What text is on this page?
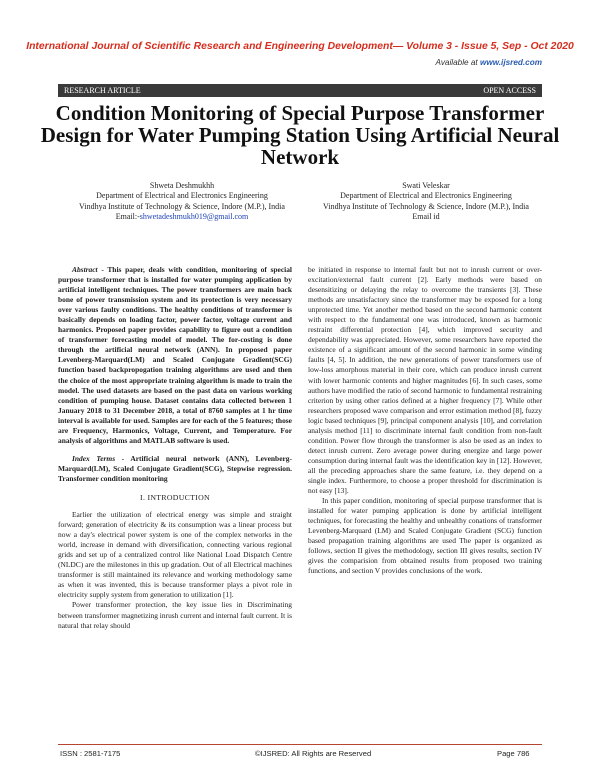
International Journal of Scientific Research and Engineering Development— Volume 3 - Issue 5, Sep - Oct 2020
Available at www.ijsred.com
RESEARCH ARTICLE	OPEN ACCESS
Condition Monitoring of Special Purpose Transformer Design for Water Pumping Station Using Artificial Neural Network
Shweta Deshmukhh
Department of Electrical and Electronics Engineering
Vindhya Institute of Technology & Science, Indore (M.P.), India
Email:-shwetadeshmukh019@gmail.com
Swati Veleskar
Department of Electrical and Electronics Engineering
Vindhya Institute of Technology & Science, Indore (M.P.), India
Email id

Abstract - This paper, deals with condition, monitoring of special purpose transformer that is installed for water pumping application by artificial intelligent techniques. The power transformers are main back bone of power transmission system and its protection is very necessary over various faulty conditions. The healthy conditions of transformer is basically depends on loading factor, power factor, voltage current and harmonics. Proposed paper provides capability to figure out a condition of transformer forecasting model of model. The for-costing is done through the artificial neural network (ANN). In proposed paper Levenberg-Marquard(LM) and Scaled Conjugate Gradient(SCG) function based backpropogation training algorithms are used and then the choice of the most appropriate training algorithm is made to train the model. The used datasets are based on the past data on various working condition of pumping house. Dataset contains data collected between 1 January 2018 to 31 December 2018, a total of 8760 samples at 1 hr time interval is available for used. Samples are for each of the 5 features; those are Frequency, Harmonics, Voltage, Current, and Temperature. For analysis of algorithms and MATLAB software is used.

Index Terms - Artificial neural network (ANN), Levenberg-Marquard(LM), Scaled Conjugate Gradient(SCG), Stepwise regression. Transformer condition monitoring

I. INTRODUCTION

Earlier the utilization of electrical energy was simple and straight forward; generation of electricity & its consumption was a linear process but now a day's electrical power system is one of the complex networks in the world, increase in demand with diversification, connecting various regional grids and set up of a centralized control like National Load Dispatch Centre (NLDC) are the milestones in this up gradation. Out of all Electrical machines transformer is still maintained its relevance and working methodology same as when it was invented, this is because transformer plays a pivot role in electricity supply system from generation to utilization [1].

Power transformer protection, the key issue lies in Discriminating between transformer magnetizing inrush current and internal fault current. It is natural that relay should

be initiated in response to internal fault but not to inrush current or over-excitation/external fault current [2]. Early methods were based on desensitizing or delaying the relay to overcome the transients [3]. These methods are unsatisfactory since the transformer may be exposed for a long unprotected time. Yet another method based on the second harmonic content with respect to the fundamental one was introduced, known as harmonic restraint differential protection [4], which improved security and dependability was appreciated. However, some researchers have reported the existence of a significant amount of the second harmonic in some winding faults [4, 5]. In addition, the new generations of power transformers use of low-loss amorphous material in their core, which can produce inrush current with lower harmonic contents and higher magnitudes [6]. In such cases, some authors have modified the ratio of second harmonic to fundamental restraining criterion by using other ratios defined at a higher frequency [7]. While other researchers proposed wave comparison and error estimation method [8], fuzzy logic based techniques [9], principal component analysis [10], and correlation analysis method [11] to discriminate internal fault condition from non-fault condition. Power flow through the transformer is also be used as an index to detect inrush current. Zero average power during energize and large power consumption during internal fault was the identification key in [12]. However, all the preceding approaches share the same feature, i.e. they depend on a single index. Furthermore, to choose a proper threshold for discrimination is not easy [13].

In this paper condition, monitoring of special purpose transformer that is installed for water pumping application is done by artificial intelligent techniques, for forecasting the healthy and unhealthy conations of transformer Levenberg-Marquard (LM) and Scaled Conjugate Gradient (SCG) function based propagation training algorithms are used The paper is organized as follows, section II gives the methodology, section III gives results, section IV gives the comparision from obtained results from proposed two training functions, and section V provides conclusions of the work.

ISSN : 2581-7175	©IJSRED: All Rights are Reserved	Page 786
